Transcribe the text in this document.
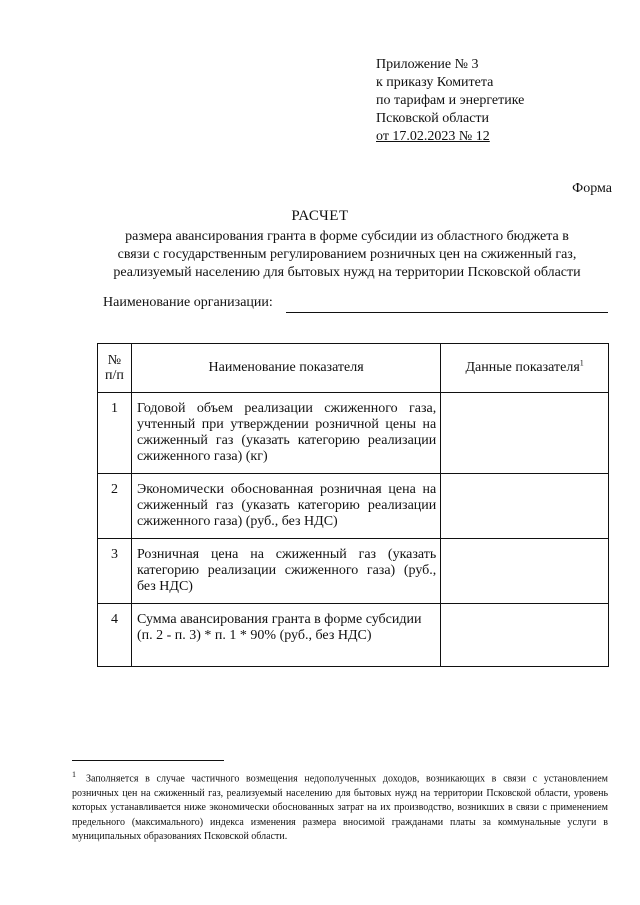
Приложение № 3
к приказу Комитета
по тарифам и энергетике
Псковской области
от 17.02.2023 № 12
Форма
РАСЧЕТ
размера авансирования гранта в форме субсидии из областного бюджета в
связи с государственным регулированием розничных цен на сжиженный газ,
реализуемый населению для бытовых нужд на территории Псковской области
Наименование организации:
№
п/п	Наименование показателя	Данные показателя$^1$
1	Годовой объем реализации сжиженного газа, учтенный при утверждении розничной цены на сжиженный газ (указать категорию реализации сжиженного газа) (кг)	
2	Экономически обоснованная розничная цена на сжиженный газ (указать категорию реализации сжиженного газа) (руб., без НДС)	
3	Розничная цена на сжиженный газ (указать категорию реализации сжиженного газа) (руб., без НДС)	
4	Сумма авансирования гранта в форме субсидии
(п. 2 - п. 3) * п. 1 * 90% (руб., без НДС)	

$^1$ Заполняется в случае частичного возмещения недополученных доходов, возникающих в связи с установлением розничных цен на сжиженный газ, реализуемый населению для бытовых нужд на территории Псковской области, уровень которых устанавливается ниже экономически обоснованных затрат на их производство, возникших в связи с применением предельного (максимального) индекса изменения размера вносимой гражданами платы за коммунальные услуги в муниципальных образованиях Псковской области.
